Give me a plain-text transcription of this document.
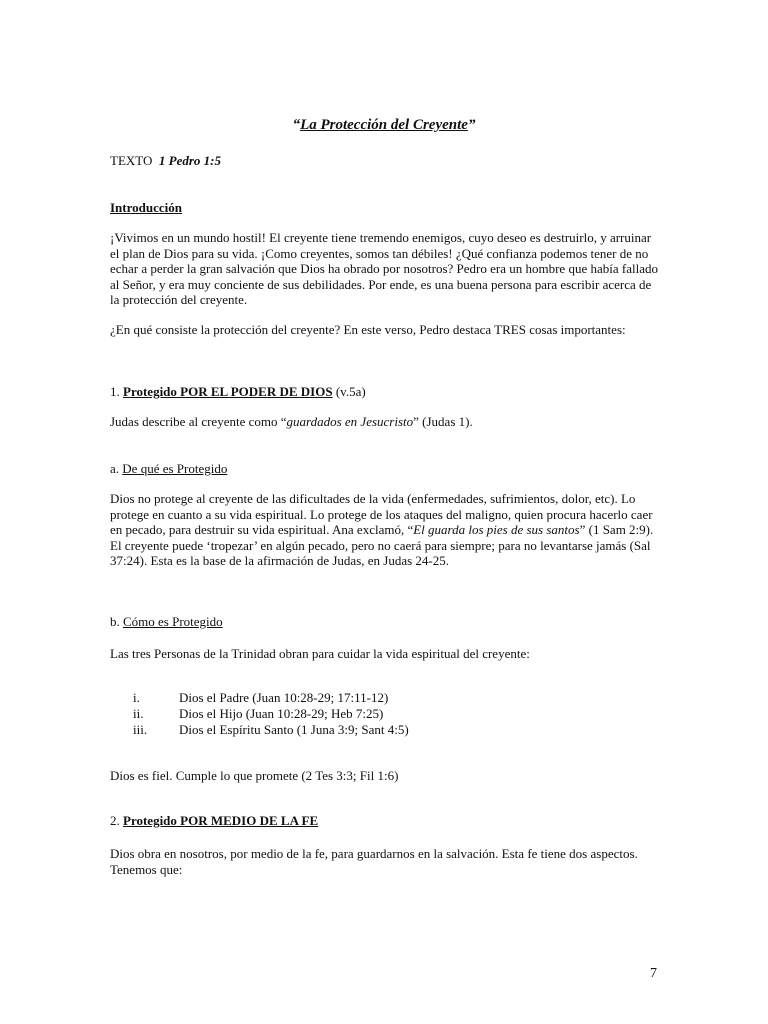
“La Protección del Creyente”

TEXTO 1 Pedro 1:5

Introducción

¡Vivimos en un mundo hostil! El creyente tiene tremendo enemigos, cuyo deseo es destruirlo, y arruinar el plan de Dios para su vida. ¡Como creyentes, somos tan débiles! ¿Qué confianza podemos tener de no echar a perder la gran salvación que Dios ha obrado por nosotros? Pedro era un hombre que había fallado al Señor, y era muy conciente de sus debilidades. Por ende, es una buena persona para escribir acerca de la protección del creyente.

¿En qué consiste la protección del creyente? En este verso, Pedro destaca TRES cosas importantes:

1. Protegido POR EL PODER DE DIOS (v.5a)

Judas describe al creyente como “guardados en Jesucristo” (Judas 1).

a. De qué es Protegido

Dios no protege al creyente de las dificultades de la vida (enfermedades, sufrimientos, dolor, etc). Lo protege en cuanto a su vida espiritual. Lo protege de los ataques del maligno, quien procura hacerlo caer en pecado, para destruir su vida espiritual. Ana exclamó, “El guarda los pies de sus santos” (1 Sam 2:9). El creyente puede ‘tropezar’ en algún pecado, pero no caerá para siempre; para no levantarse jamás (Sal 37:24). Esta es la base de la afirmación de Judas, en Judas 24-25.

b. Cómo es Protegido

Las tres Personas de la Trinidad obran para cuidar la vida espiritual del creyente:

i.	Dios el Padre (Juan 10:28-29; 17:11-12)
ii.	Dios el Hijo (Juan 10:28-29; Heb 7:25)
iii.	Dios el Espíritu Santo (1 Juna 3:9; Sant 4:5)

Dios es fiel. Cumple lo que promete (2 Tes 3:3; Fil 1:6)

2. Protegido POR MEDIO DE LA FE

Dios obra en nosotros, por medio de la fe, para guardarnos en la salvación. Esta fe tiene dos aspectos. Tenemos que:

7
